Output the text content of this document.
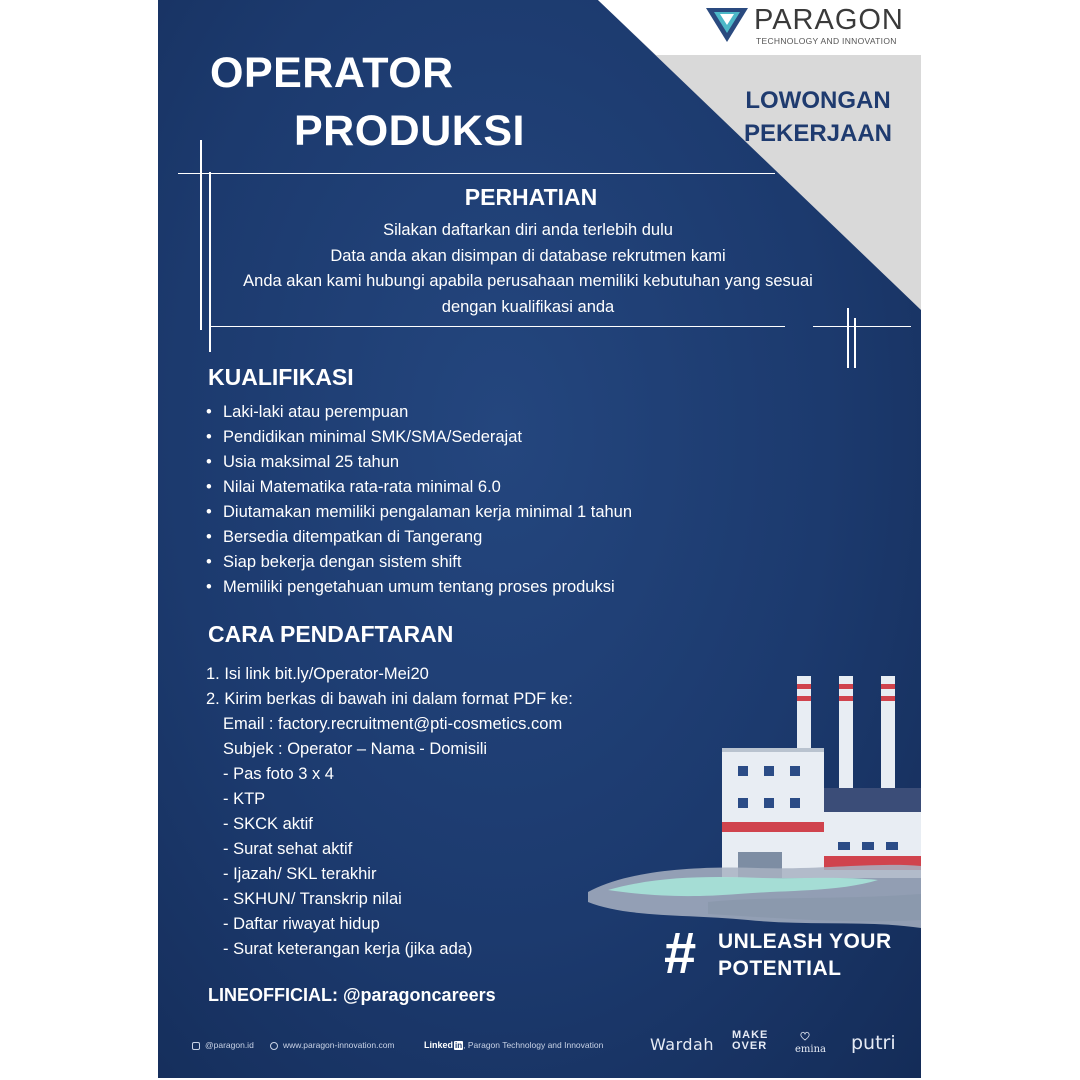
PARAGON
TECHNOLOGY AND INNOVATION
LOWONGAN
PEKERJAAN
OPERATOR
PRODUKSI
PERHATIAN
Silakan daftarkan diri anda terlebih dulu
Data anda akan disimpan di database rekrutmen kami
Anda akan kami hubungi apabila perusahaan memiliki kebutuhan yang sesuai
dengan kualifikasi anda
KUALIFIKASI
• Laki-laki atau perempuan
• Pendidikan minimal SMK/SMA/Sederajat
• Usia maksimal 25 tahun
• Nilai Matematika rata-rata minimal 6.0
• Diutamakan memiliki pengalaman kerja minimal 1 tahun
• Bersedia ditempatkan di Tangerang
• Siap bekerja dengan sistem shift
• Memiliki pengetahuan umum tentang proses produksi
CARA PENDAFTARAN
1. Isi link bit.ly/Operator-Mei20
2. Kirim berkas di bawah ini dalam format PDF ke:
Email : factory.recruitment@pti-cosmetics.com
Subjek : Operator – Nama - Domisili
- Pas foto 3 x 4
- KTP
- SKCK aktif
- Surat sehat aktif
- Ijazah/ SKL terakhir
- SKHUN/ Transkrip nilai
- Daftar riwayat hidup
- Surat keterangan kerja (jika ada)	# UNLEASH YOUR
POTENTIAL
LINEOFFICIAL: @paragoncareers
@paragon.id	www.paragon-innovation.com	Linked in, Paragon Technology and Innovation	Wardah MAKE
OVER	emina putri
